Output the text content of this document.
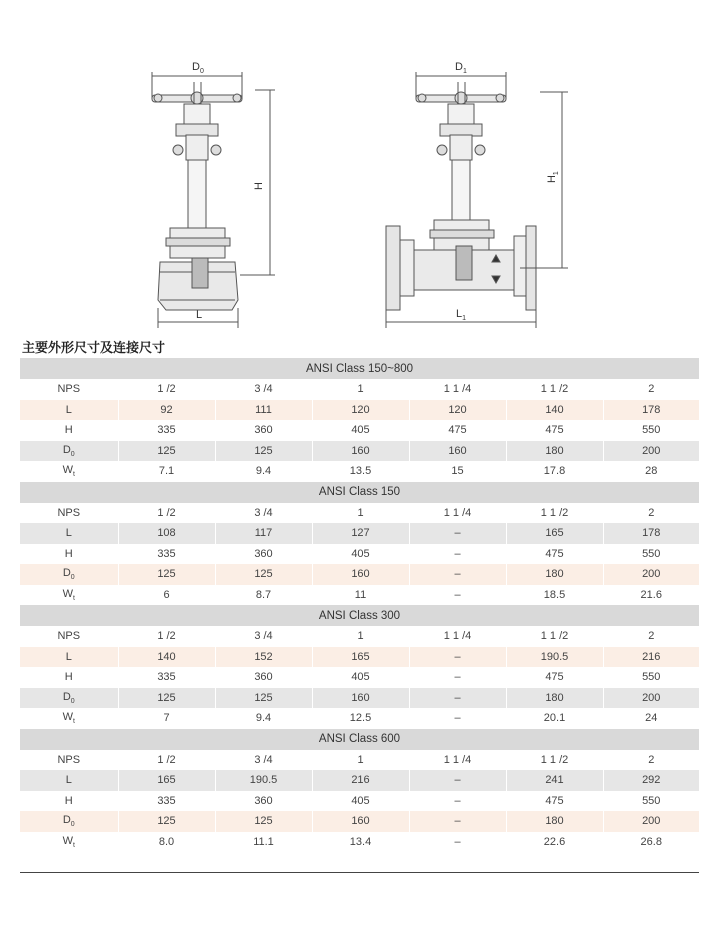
$D_0$
H
L
$D_1$
$H_1$
$L_1$
主要外形尺寸及连接尺寸
ANSI Class 150~800						
NPS	1 /2	3 /4	1	1 1 /4	1 1 /2	2
L	92	111	120	120	140	178
H	335	360	405	475	475	550
$D_0$	125	125	160	160	180	200
$W_t$	7.1	9.4	13.5	15	17.8	28
ANSI Class 150						
NPS	1 /2	3 /4	1	1 1 /4	1 1 /2	2
L	108	117	127	–	165	178
H	335	360	405	–	475	550
$D_0$	125	125	160	–	180	200
$W_t$	6	8.7	11	–	18.5	21.6
ANSI Class 300						
NPS	1 /2	3 /4	1	1 1 /4	1 1 /2	2
L	140	152	165	–	190.5	216
H	335	360	405	–	475	550
$D_0$	125	125	160	–	180	200
$W_t$	7	9.4	12.5	–	20.1	24
ANSI Class 600						
NPS	1 /2	3 /4	1	1 1 /4	1 1 /2	2
L	165	190.5	216	–	241	292
H	335	360	405	–	475	550
$D_0$	125	125	160	–	180	200
$W_t$	8.0	11.1	13.4	–	22.6	26.8
